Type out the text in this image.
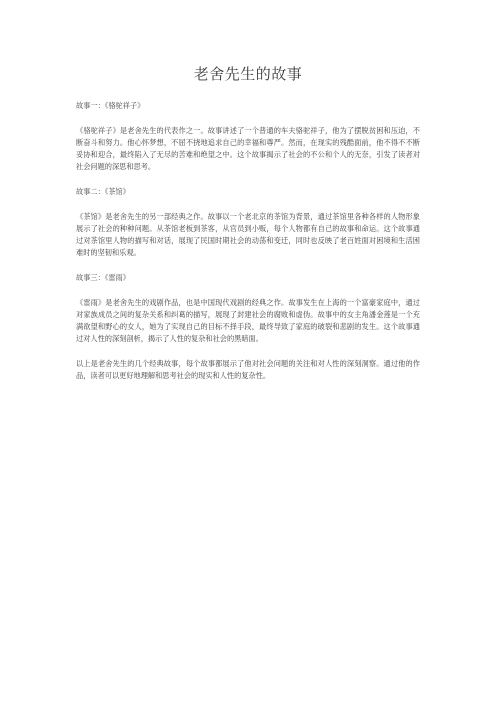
老舍先生的故事

故事一：《骆驼祥子》

《骆驼祥子》是老舍先生的代表作之一。故事讲述了一个普通的车夫骆驼祥子，他为了摆脱贫困和压迫，不断奋斗和努力。他心怀梦想，不屈不挠地追求自己的幸福和尊严。然而，在现实的残酷面前，他不得不不断妥协和迎合，最终陷入了无尽的苦难和绝望之中。这个故事揭示了社会的不公和个人的无奈，引发了读者对社会问题的深思和思考。

故事二：《茶馆》

《茶馆》是老舍先生的另一部经典之作。故事以一个老北京的茶馆为背景，通过茶馆里各种各样的人物形象展示了社会的种种问题。从茶馆老板到茶客，从官员到小贩，每个人物都有自己的故事和命运。这个故事通过对茶馆里人物的描写和对话，展现了民国时期社会的动荡和变迁，同时也反映了老百姓面对困境和生活困难时的坚韧和乐观。

故事三：《雷雨》

《雷雨》是老舍先生的戏剧作品，也是中国现代戏剧的经典之作。故事发生在上海的一个富豪家庭中，通过对家族成员之间的复杂关系和纠葛的描写，展现了封建社会的腐败和虚伪。故事中的女主角潘金莲是一个充满欲望和野心的女人，她为了实现自己的目标不择手段，最终导致了家庭的破裂和悲剧的发生。这个故事通过对人性的深刻剖析，揭示了人性的复杂和社会的黑暗面。

以上是老舍先生的几个经典故事，每个故事都展示了他对社会问题的关注和对人性的深刻洞察。通过他的作品，读者可以更好地理解和思考社会的现实和人性的复杂性。
